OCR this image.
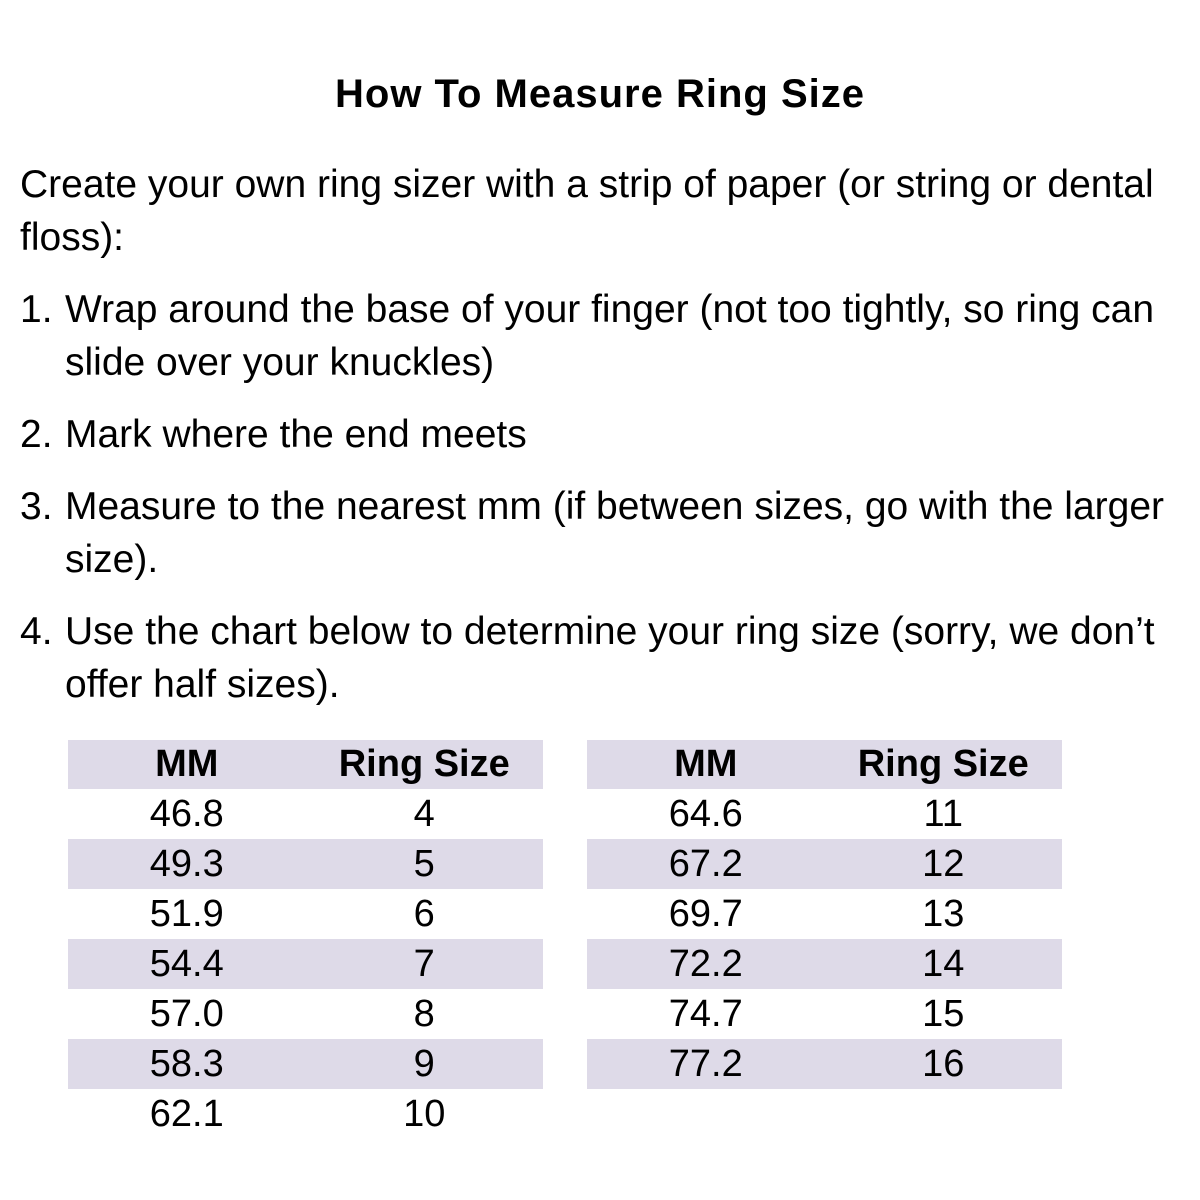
How To Measure Ring Size
Create your own ring sizer with a strip of paper (or string or dental floss):
1. Wrap around the base of your finger (not too tightly, so ring can slide over your knuckles)
2. Mark where the end meets
3. Measure to the nearest mm (if between sizes, go with the larger size).
4. Use the chart below to determine your ring size (sorry, we don’t offer half sizes).
MM	Ring Size
46.8	4
49.3	5
51.9	6
54.4	7
57.0	8
58.3	9
62.1	10
MM	Ring Size
64.6	11
67.2	12
69.7	13
72.2	14
74.7	15
77.2	16
